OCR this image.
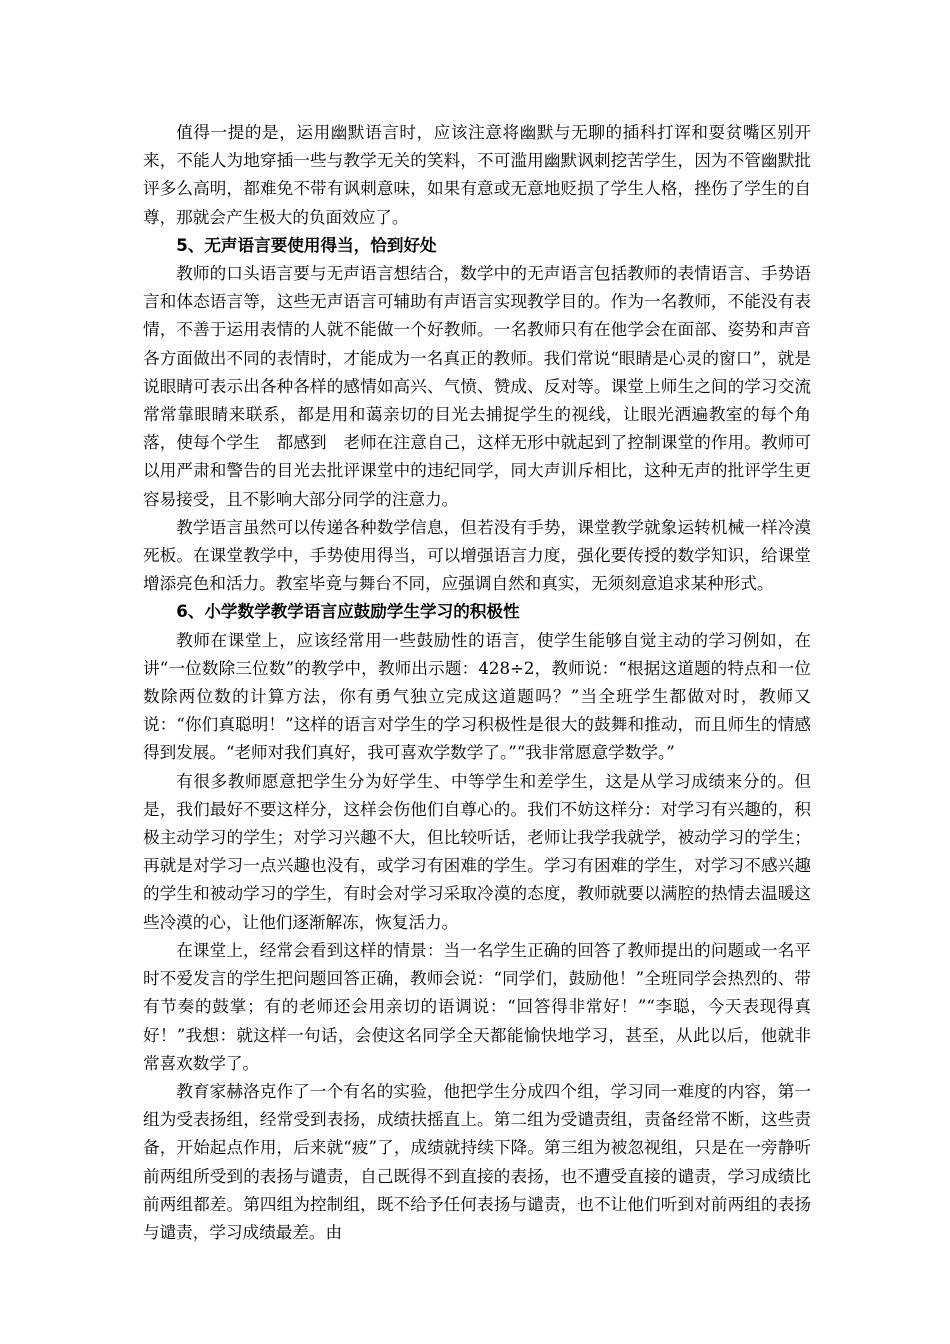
值得一提的是，运用幽默语言时，应该注意将幽默与无聊的插科打诨和耍贫嘴区别开来，不能人为地穿插一些与教学无关的笑料，不可滥用幽默讽刺挖苦学生，因为不管幽默批评多么高明，都难免不带有讽刺意味，如果有意或无意地贬损了学生人格，挫伤了学生的自尊，那就会产生极大的负面效应了。

5、无声语言要使用得当，恰到好处

教师的口头语言要与无声语言想结合，数学中的无声语言包括教师的表情语言、手势语言和体态语言等，这些无声语言可辅助有声语言实现教学目的。作为一名教师，不能没有表情，不善于运用表情的人就不能做一个好教师。一名教师只有在他学会在面部、姿势和声音各方面做出不同的表情时，才能成为一名真正的教师。我们常说“眼睛是心灵的窗口”，就是说眼睛可表示出各种各样的感情如高兴、气愤、赞成、反对等。课堂上师生之间的学习交流常常靠眼睛来联系，都是用和蔼亲切的目光去捕捉学生的视线，让眼光洒遍教室的每个角落，使每个学生　都感到　老师在注意自己，这样无形中就起到了控制课堂的作用。教师可以用严肃和警告的目光去批评课堂中的违纪同学，同大声训斥相比，这种无声的批评学生更容易接受，且不影响大部分同学的注意力。

教学语言虽然可以传递各种数学信息，但若没有手势，课堂教学就象运转机械一样冷漠死板。在课堂教学中，手势使用得当，可以增强语言力度，强化要传授的数学知识，给课堂增添亮色和活力。教室毕竟与舞台不同，应强调自然和真实，无须刻意追求某种形式。

6、小学数学教学语言应鼓励学生学习的积极性

教师在课堂上，应该经常用一些鼓励性的语言，使学生能够自觉主动的学习例如，在讲“一位数除三位数”的教学中，教师出示题：428÷2，教师说：“根据这道题的特点和一位数除两位数的计算方法，你有勇气独立完成这道题吗？”当全班学生都做对时，教师又说：“你们真聪明！”这样的语言对学生的学习积极性是很大的鼓舞和推动，而且师生的情感得到发展。“老师对我们真好，我可喜欢学数学了。”“我非常愿意学数学。”

有很多教师愿意把学生分为好学生、中等学生和差学生，这是从学习成绩来分的。但是，我们最好不要这样分，这样会伤他们自尊心的。我们不妨这样分：对学习有兴趣的，积极主动学习的学生；对学习兴趣不大，但比较听话，老师让我学我就学，被动学习的学生；再就是对学习一点兴趣也没有，或学习有困难的学生。学习有困难的学生，对学习不感兴趣的学生和被动学习的学生，有时会对学习采取冷漠的态度，教师就要以满腔的热情去温暖这些冷漠的心，让他们逐渐解冻，恢复活力。

在课堂上，经常会看到这样的情景：当一名学生正确的回答了教师提出的问题或一名平时不爱发言的学生把问题回答正确，教师会说：“同学们，鼓励他！”全班同学会热烈的、带有节奏的鼓掌；有的老师还会用亲切的语调说：“回答得非常好！”“李聪，今天表现得真好！”我想：就这样一句话，会使这名同学全天都能愉快地学习，甚至，从此以后，他就非常喜欢数学了。

教育家赫洛克作了一个有名的实验，他把学生分成四个组，学习同一难度的内容，第一组为受表扬组，经常受到表扬，成绩扶摇直上。第二组为受谴责组，责备经常不断，这些责备，开始起点作用，后来就“疲”了，成绩就持续下降。第三组为被忽视组，只是在一旁静听前两组所受到的表扬与谴责，自己既得不到直接的表扬，也不遭受直接的谴责，学习成绩比前两组都差。第四组为控制组，既不给予任何表扬与谴责，也不让他们听到对前两组的表扬与谴责，学习成绩最差。由
